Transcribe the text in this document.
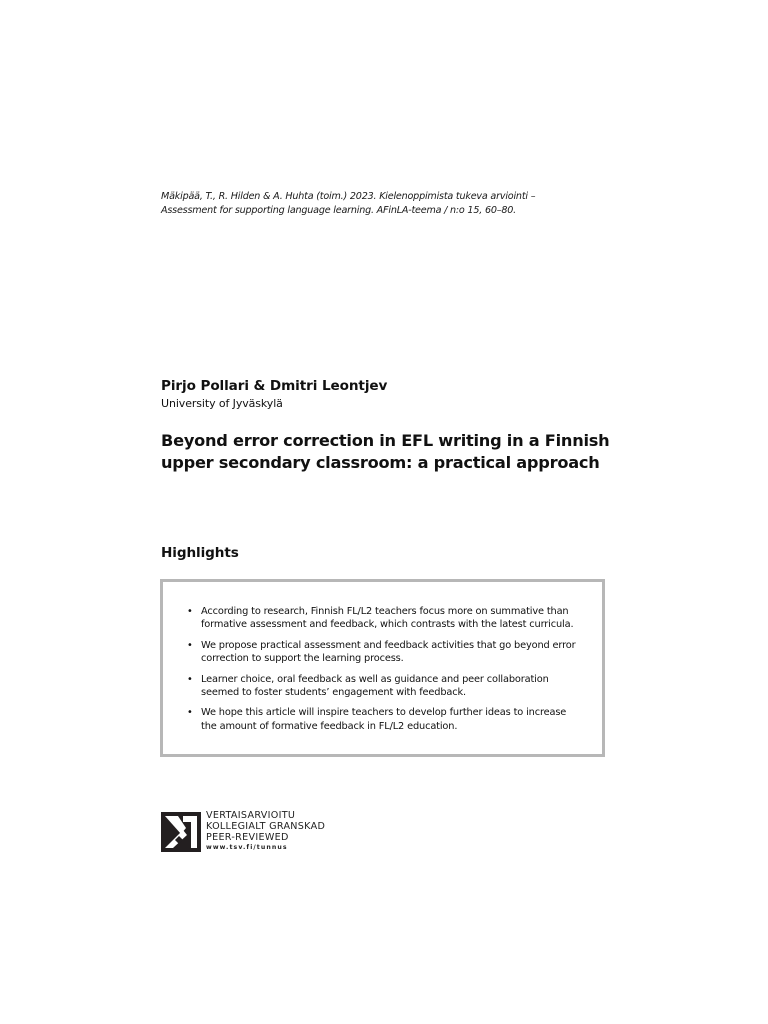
Mäkipää, T., R. Hilden & A. Huhta (toim.) 2023. Kielenoppimista tukeva arviointi –
Assessment for supporting language learning. AFinLA-teema / n:o 15, 60–80.
Pirjo Pollari & Dmitri Leontjev
University of Jyväskylä
Beyond error correction in EFL writing in a Finnish
upper secondary classroom: a practical approach
Highlights
• According to research, Finnish FL/L2 teachers focus more on summative than
formative assessment and feedback, which contrasts with the latest curricula.
• We propose practical assessment and feedback activities that go beyond error
correction to support the learning process.
• Learner choice, oral feedback as well as guidance and peer collaboration
seemed to foster students’ engagement with feedback.
• We hope this article will inspire teachers to develop further ideas to increase
the amount of formative feedback in FL/L2 education.
VERTAISARVIOITU
KOLLEGIALT GRANSKAD
PEER-REVIEWED
www.tsv.fi/tunnus
